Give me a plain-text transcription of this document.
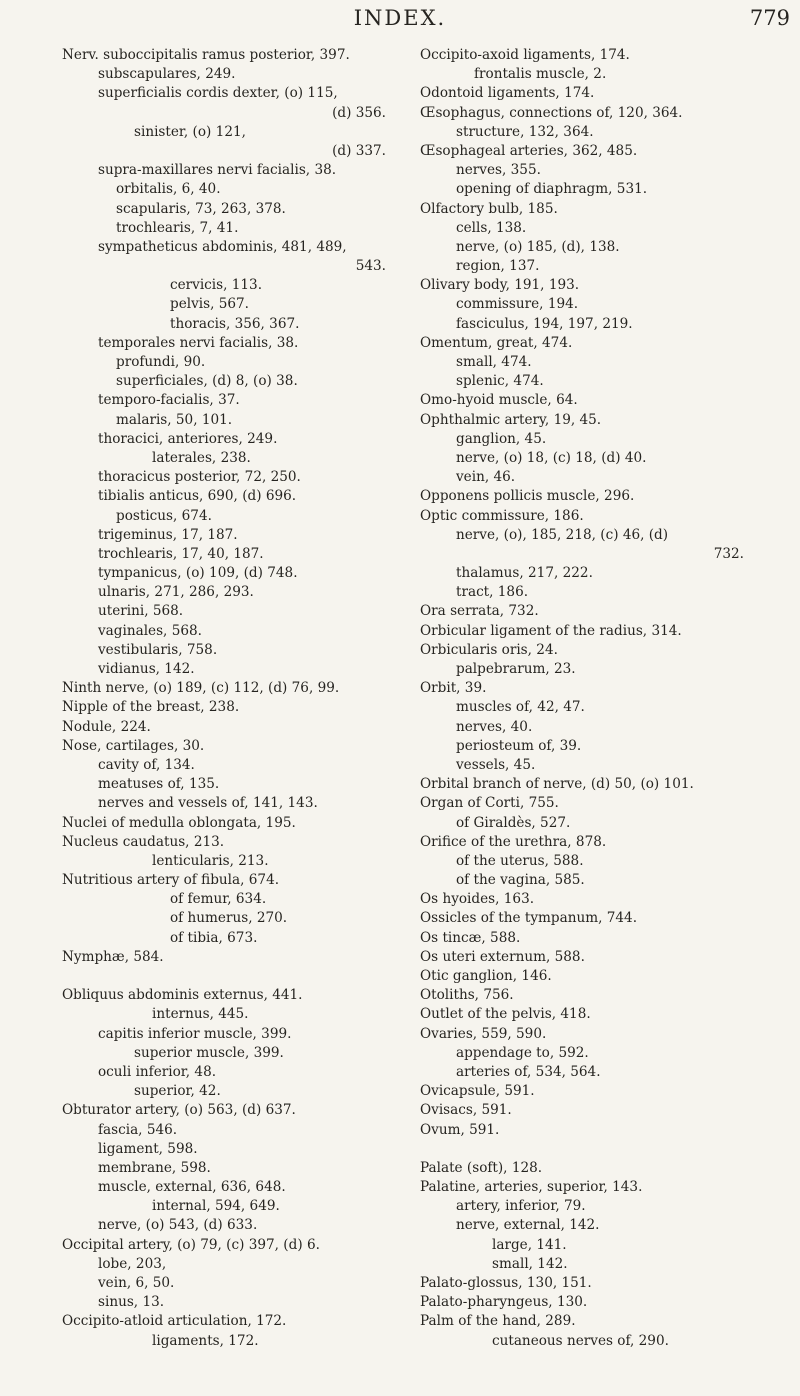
INDEX.	779
Nerv. suboccipitalis ramus posterior, 397.
subscapulares, 249.
superficialis cordis dexter, (o) 115,
(d) 356.
sinister, (o) 121,
(d) 337.
supra-maxillares nervi facialis, 38.
orbitalis, 6, 40.
scapularis, 73, 263, 378.
trochlearis, 7, 41.
sympatheticus abdominis, 481, 489,
543.
cervicis, 113.
pelvis, 567.
thoracis, 356, 367.
temporales nervi facialis, 38.
profundi, 90.
superficiales, (d) 8, (o) 38.
temporo-facialis, 37.
malaris, 50, 101.
thoracici, anteriores, 249.
laterales, 238.
thoracicus posterior, 72, 250.
tibialis anticus, 690, (d) 696.
posticus, 674.
trigeminus, 17, 187.
trochlearis, 17, 40, 187.
tympanicus, (o) 109, (d) 748.
ulnaris, 271, 286, 293.
uterini, 568.
vaginales, 568.
vestibularis, 758.
vidianus, 142.
Ninth nerve, (o) 189, (c) 112, (d) 76, 99.
Nipple of the breast, 238.
Nodule, 224.
Nose, cartilages, 30.
cavity of, 134.
meatuses of, 135.
nerves and vessels of, 141, 143.
Nuclei of medulla oblongata, 195.
Nucleus caudatus, 213.
lenticularis, 213.
Nutritious artery of fibula, 674.
of femur, 634.
of humerus, 270.
of tibia, 673.
Nymphæ, 584.
Obliquus abdominis externus, 441.
internus, 445.
capitis inferior muscle, 399.
superior muscle, 399.
oculi inferior, 48.
superior, 42.
Obturator artery, (o) 563, (d) 637.
fascia, 546.
ligament, 598.
membrane, 598.
muscle, external, 636, 648.
internal, 594, 649.
nerve, (o) 543, (d) 633.
Occipital artery, (o) 79, (c) 397, (d) 6.
lobe, 203,
vein, 6, 50.
sinus, 13.
Occipito-atloid articulation, 172.
ligaments, 172.
Occipito-axoid ligaments, 174.
frontalis muscle, 2.
Odontoid ligaments, 174.
Œsophagus, connections of, 120, 364.
structure, 132, 364.
Œsophageal arteries, 362, 485.
nerves, 355.
opening of diaphragm, 531.
Olfactory bulb, 185.
cells, 138.
nerve, (o) 185, (d), 138.
region, 137.
Olivary body, 191, 193.
commissure, 194.
fasciculus, 194, 197, 219.
Omentum, great, 474.
small, 474.
splenic, 474.
Omo-hyoid muscle, 64.
Ophthalmic artery, 19, 45.
ganglion, 45.
nerve, (o) 18, (c) 18, (d) 40.
vein, 46.
Opponens pollicis muscle, 296.
Optic commissure, 186.
nerve, (o), 185, 218, (c) 46, (d)
732.
thalamus, 217, 222.
tract, 186.
Ora serrata, 732.
Orbicular ligament of the radius, 314.
Orbicularis oris, 24.
palpebrarum, 23.
Orbit, 39.
muscles of, 42, 47.
nerves, 40.
periosteum of, 39.
vessels, 45.
Orbital branch of nerve, (d) 50, (o) 101.
Organ of Corti, 755.
of Giraldès, 527.
Orifice of the urethra, 878.
of the uterus, 588.
of the vagina, 585.
Os hyoides, 163.
Ossicles of the tympanum, 744.
Os tincæ, 588.
Os uteri externum, 588.
Otic ganglion, 146.
Otoliths, 756.
Outlet of the pelvis, 418.
Ovaries, 559, 590.
appendage to, 592.
arteries of, 534, 564.
Ovicapsule, 591.
Ovisacs, 591.
Ovum, 591.
Palate (soft), 128.
Palatine, arteries, superior, 143.
artery, inferior, 79.
nerve, external, 142.
large, 141.
small, 142.
Palato-glossus, 130, 151.
Palato-pharyngeus, 130.
Palm of the hand, 289.
cutaneous nerves of, 290.
